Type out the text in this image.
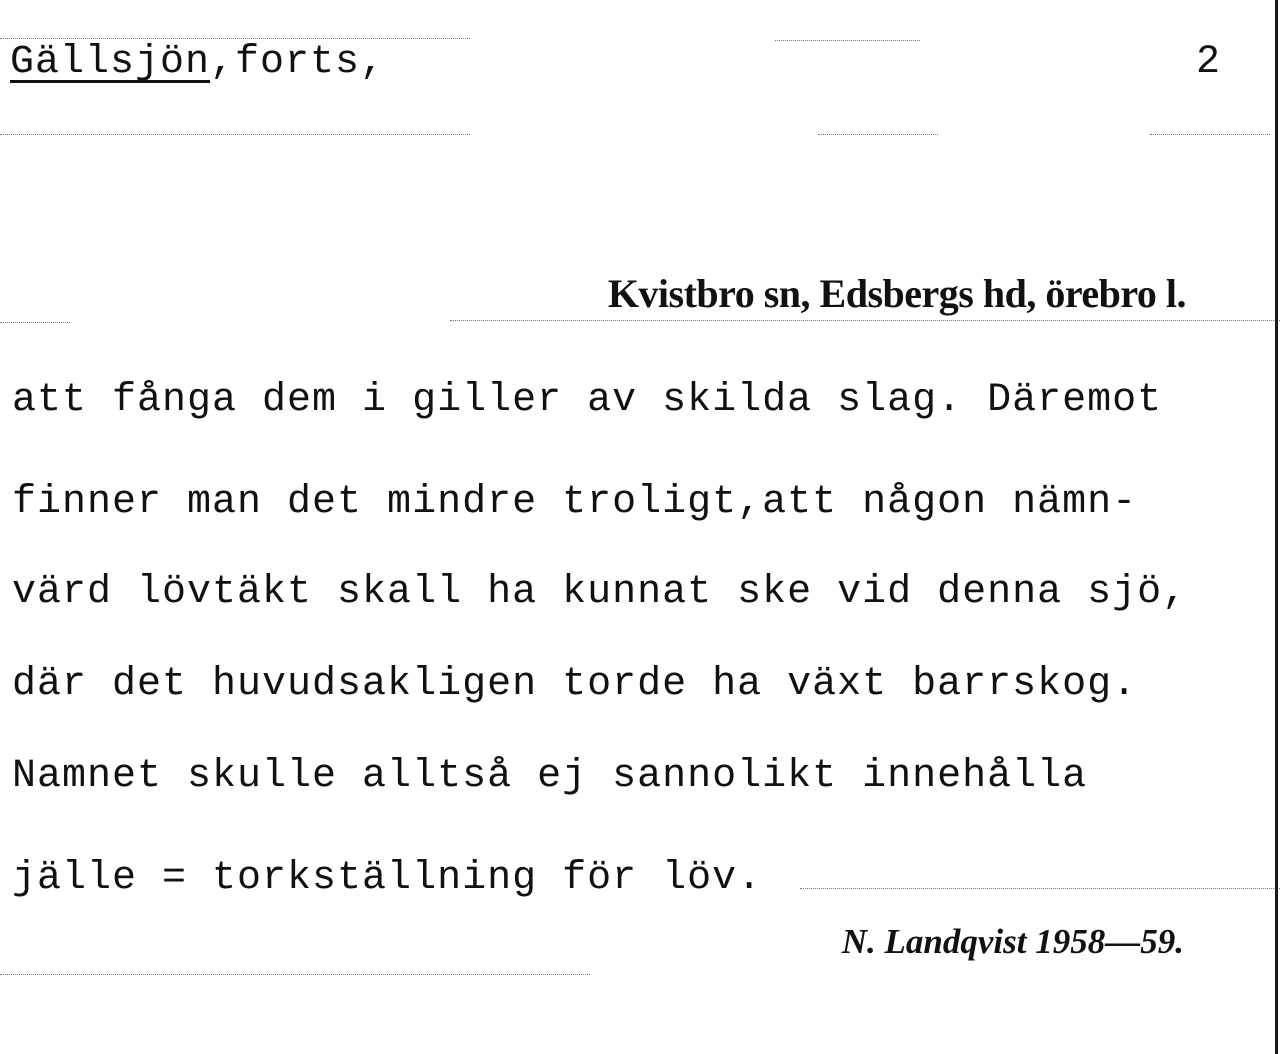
Gällsjön,forts,	2
Kvistbro sn, Edsbergs hd, örebro l.
att fånga dem i giller av skilda slag. Däremot
finner man det mindre troligt,att någon nämn-
värd lövtäkt skall ha kunnat ske vid denna sjö,
där det huvudsakligen torde ha växt barrskog.
Namnet skulle alltså ej sannolikt innehålla
jälle = torkställning för löv.
N. Landqvist 1958—59.
